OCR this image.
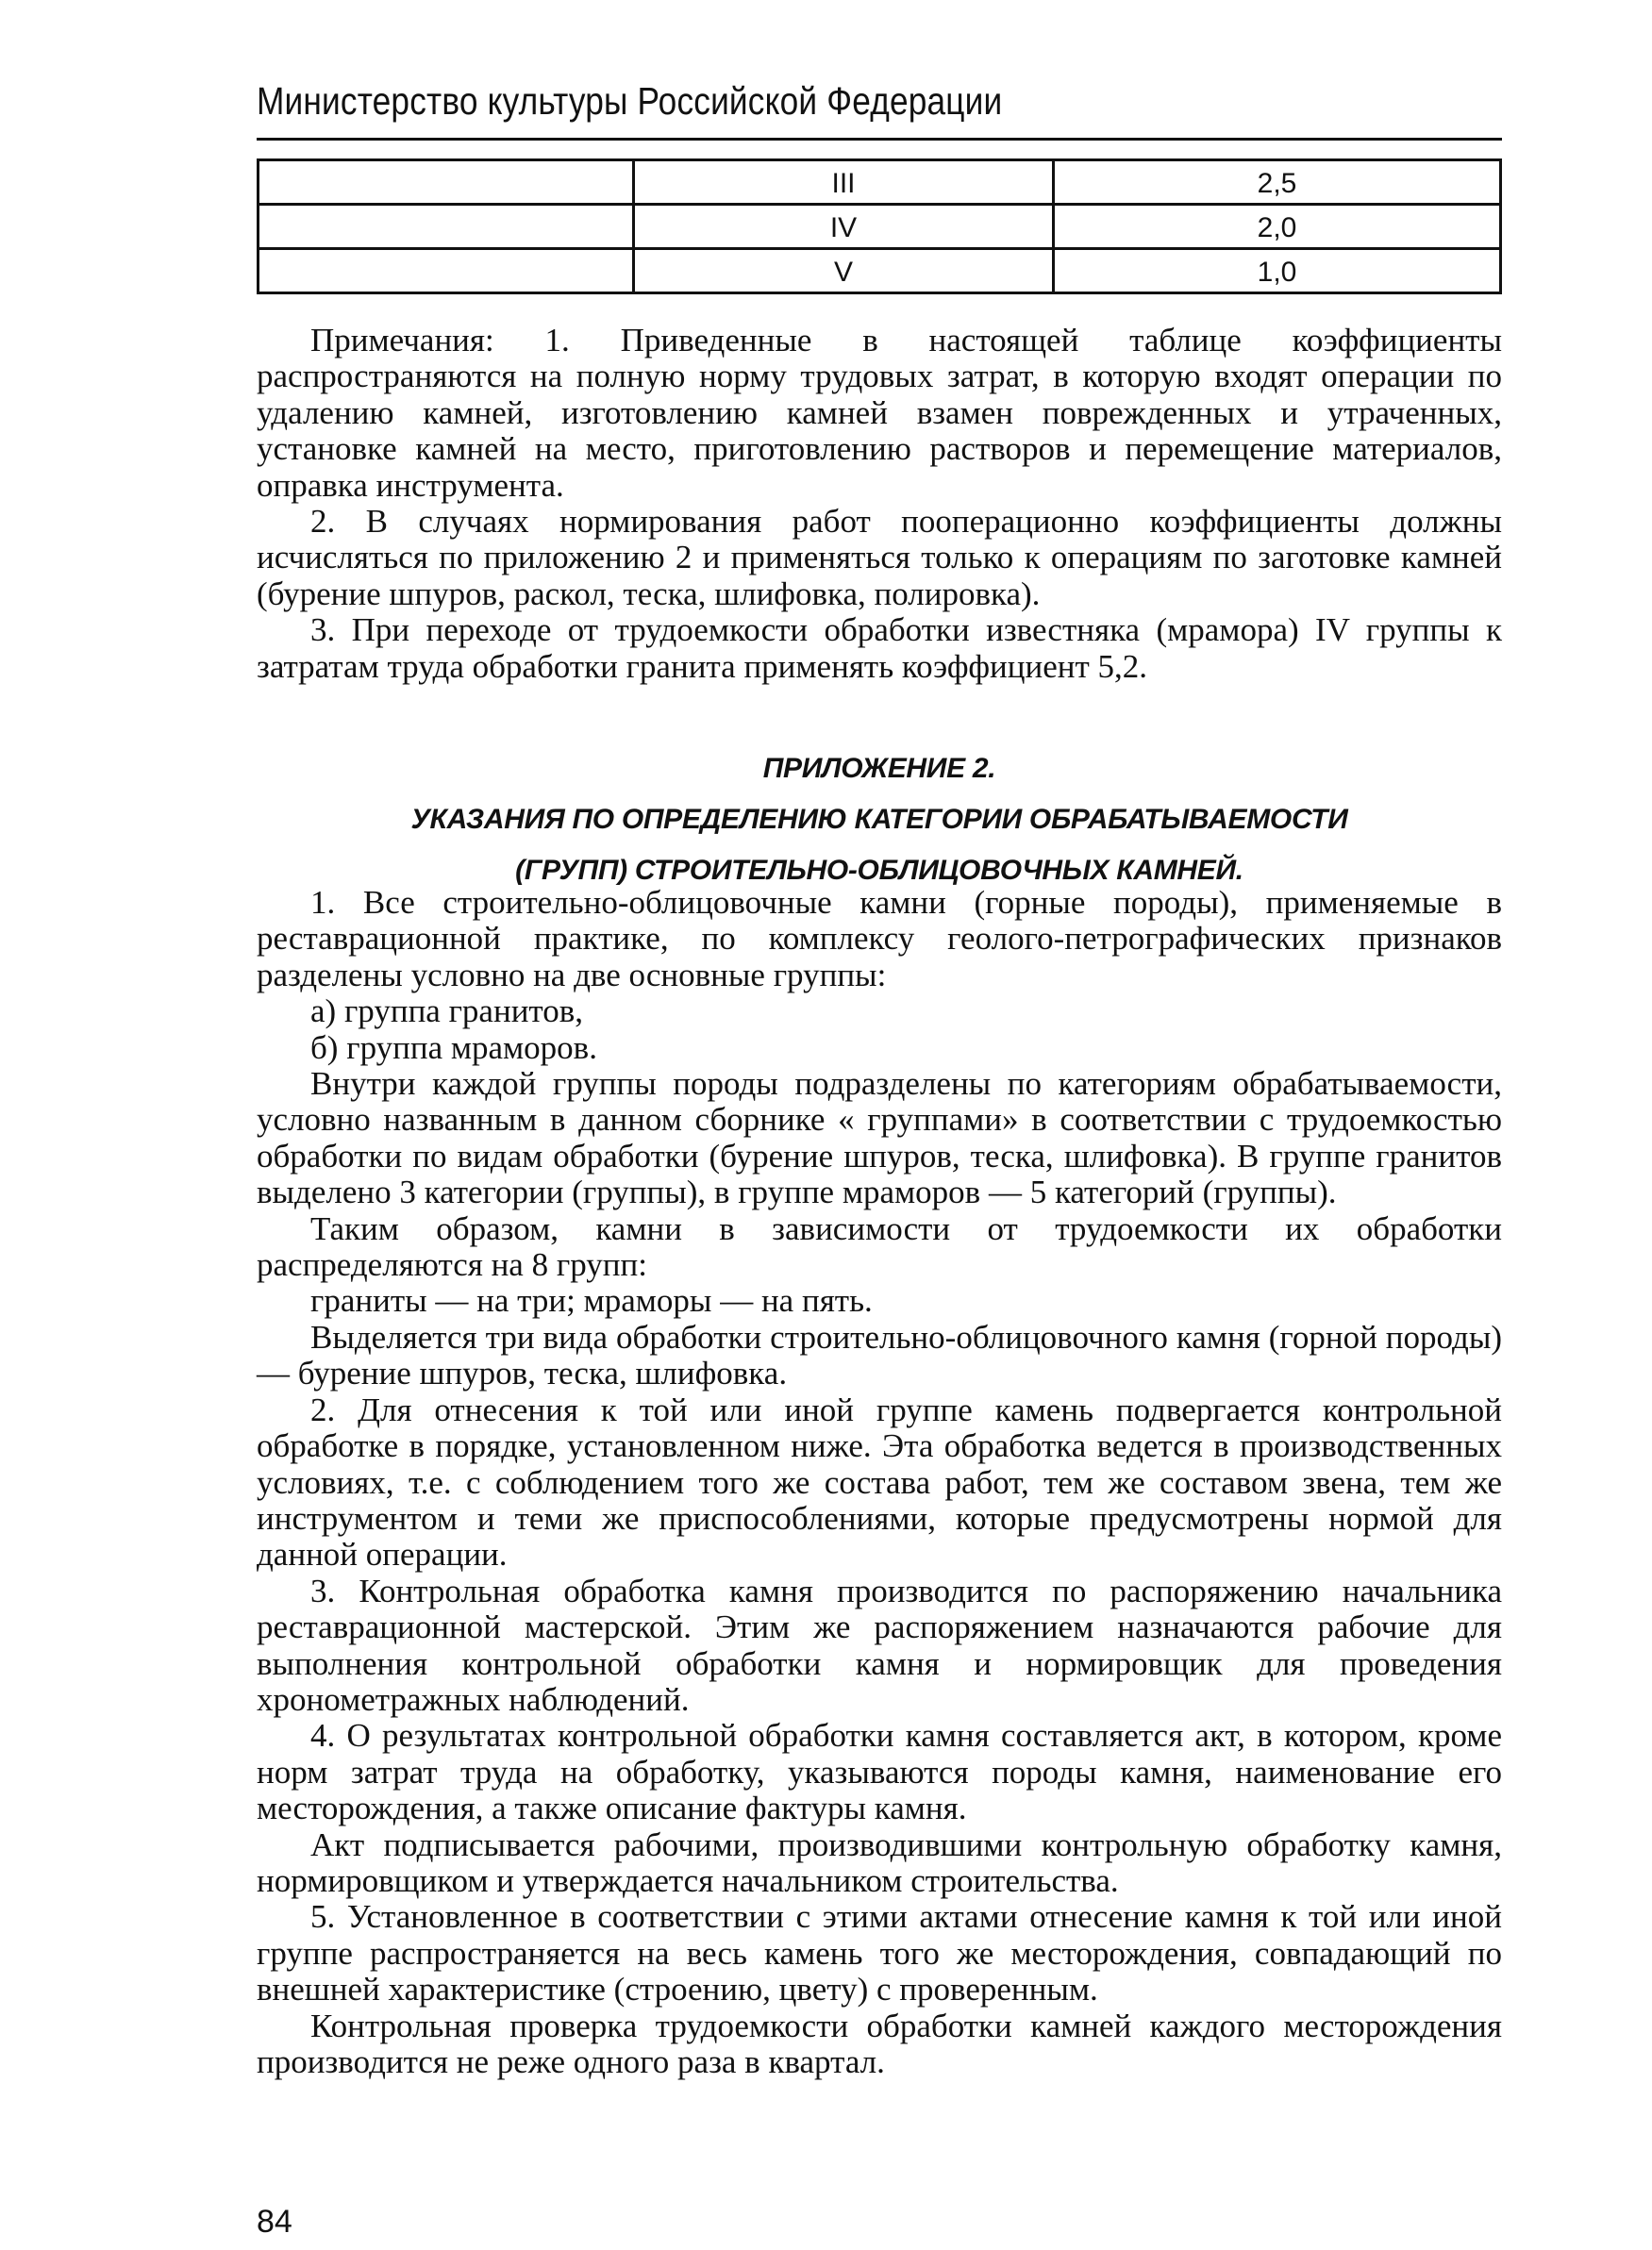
Министерство культуры Российской Федерации
	III	2,5
	IV	2,0
	V	1,0

Примечания: 1. Приведенные в настоящей таблице коэффициенты распространяются на полную норму трудовых затрат, в которую входят операции по удалению камней, изготовлению камней взамен поврежденных и утраченных, установке камней на место, приготовлению растворов и перемещение материалов, оправка инструмента.

2. В случаях нормирования работ пооперационно коэффициенты должны исчисляться по приложению 2 и применяться только к операциям по заготовке камней (бурение шпуров, раскол, теска, шлифовка, полировка).

3. При переходе от трудоемкости обработки известняка (мрамора) IV группы к затратам труда обработки гранита применять коэффициент 5,2.

ПРИЛОЖЕНИЕ 2.
УКАЗАНИЯ ПО ОПРЕДЕЛЕНИЮ КАТЕГОРИИ ОБРАБАТЫВАЕМОСТИ
(ГРУПП) СТРОИТЕЛЬНО-ОБЛИЦОВОЧНЫХ КАМНЕЙ.

1. Все строительно-облицовочные камни (горные породы), применяемые в реставрационной практике, по комплексу геолого-петрографических признаков разделены условно на две основные группы:

а) группа гранитов,

б) группа мраморов.

Внутри каждой группы породы подразделены по категориям обрабатываемости, условно названным в данном сборнике « группами» в соответствии с трудоемкостью обработки по видам обработки (бурение шпуров, теска, шлифовка). В группе гранитов выделено 3 категории (группы), в группе мраморов — 5 категорий (группы).

Таким образом, камни в зависимости от трудоемкости их обработки распределяются на 8 групп:

граниты — на три; мраморы — на пять.

Выделяется три вида обработки строительно-облицовочного камня (горной породы) — бурение шпуров, теска, шлифовка.

2. Для отнесения к той или иной группе камень подвергается контрольной обработке в порядке, установленном ниже. Эта обработка ведется в производственных условиях, т.е. с соблюдением того же состава работ, тем же составом звена, тем же инструментом и теми же приспособлениями, которые предусмотрены нормой для данной операции.

3. Контрольная обработка камня производится по распоряжению начальника реставрационной мастерской. Этим же распоряжением назначаются рабочие для выполнения контрольной обработки камня и нормировщик для проведения хронометражных наблюдений.

4. О результатах контрольной обработки камня составляется акт, в котором, кроме норм затрат труда на обработку, указываются породы камня, наименование его месторождения, а также описание фактуры камня.

Акт подписывается рабочими, производившими контрольную обработку камня, нормировщиком и утверждается начальником строительства.

5. Установленное в соответствии с этими актами отнесение камня к той или иной группе распространяется на весь камень того же месторождения, совпадающий по внешней характеристике (строению, цвету) с проверенным.

Контрольная проверка трудоемкости обработки камней каждого месторождения производится не реже одного раза в квартал.

84
